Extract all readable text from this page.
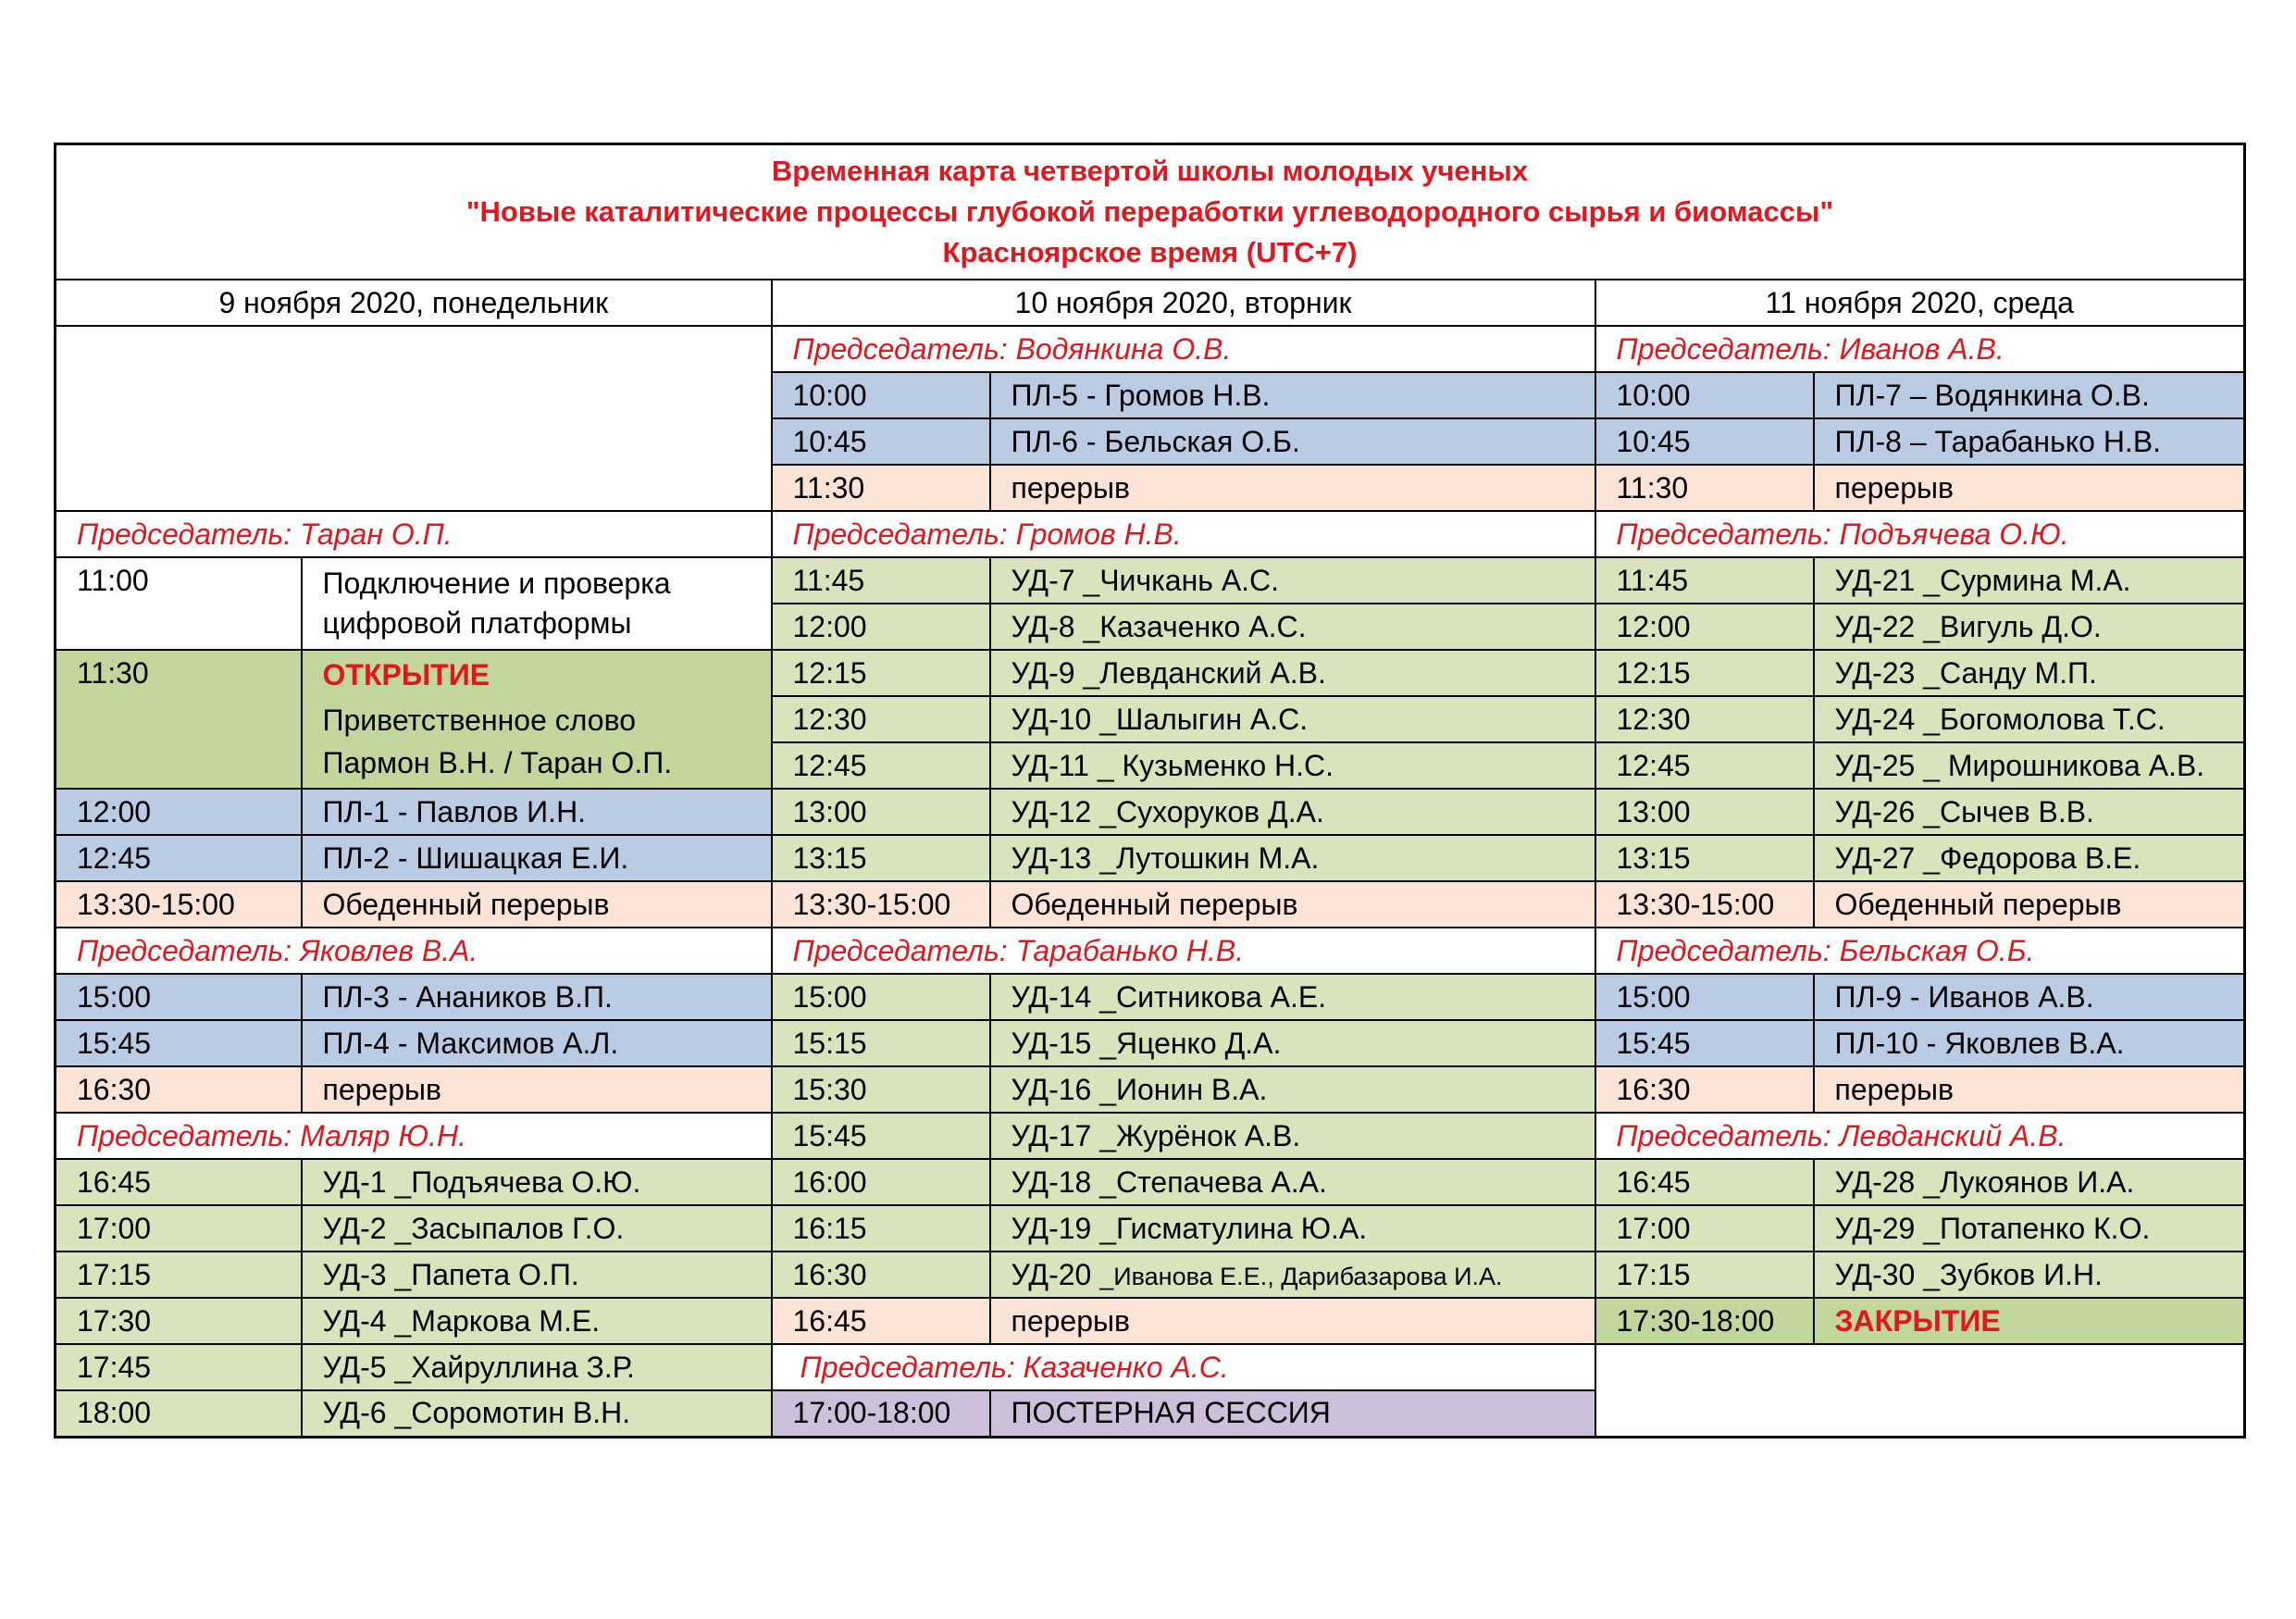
Временная карта четвертой школы молодых ученых
"Новые каталитические процессы глубокой переработки углеводородного сырья и биомассы"
Красноярское время (UTC+7)					

9 ноября 2020, понедельник		10 ноября 2020, вторник		11 ноября 2020, среда	
		Председатель: Водянкина О.В.		Председатель: Иванов А.В.	
		10:00	ПЛ-5 - Громов Н.В.	10:00	ПЛ-7 – Водянкина О.В.
		10:45	ПЛ-6 - Бельская О.Б.	10:45	ПЛ-8 – Тарабанько Н.В.
		11:30	перерыв	11:30	перерыв
Председатель: Таран О.П.		Председатель: Громов Н.В.		Председатель: Подъячева О.Ю.	
11:00	Подключение и проверка
цифровой платформы	11:45	УД-7 _Чичкань А.С.	11:45	УД-21 _Сурмина М.А.
		12:00	УД-8 _Казаченко А.С.	12:00	УД-22 _Вигуль Д.О.
11:30	ОТКРЫТИЕ
Приветственное слово
Пармон В.Н. / Таран О.П.	12:15	УД-9 _Левданский А.В.	12:15	УД-23 _Санду М.П.
		12:30	УД-10 _Шалыгин А.С.	12:30	УД-24 _Богомолова Т.С.
		12:45	УД-11 _ Кузьменко Н.С.	12:45	УД-25 _ Мирошникова А.В.
12:00	ПЛ-1 - Павлов И.Н.	13:00	УД-12 _Сухоруков Д.А.	13:00	УД-26 _Сычев В.В.
12:45	ПЛ-2 - Шишацкая Е.И.	13:15	УД-13 _Лутошкин М.А.	13:15	УД-27 _Федорова В.Е.
13:30-15:00	Обеденный перерыв	13:30-15:00	Обеденный перерыв	13:30-15:00	Обеденный перерыв
Председатель: Яковлев В.А.		Председатель: Тарабанько Н.В.		Председатель: Бельская О.Б.	
15:00	ПЛ-3 - Анаников В.П.	15:00	УД-14 _Ситникова А.Е.	15:00	ПЛ-9 - Иванов А.В.
15:45	ПЛ-4 - Максимов А.Л.	15:15	УД-15 _Яценко Д.А.	15:45	ПЛ-10 - Яковлев В.А.
16:30	перерыв	15:30	УД-16 _Ионин В.А.	16:30	перерыв
Председатель: Маляр Ю.Н.		15:45	УД-17 _Журёнок А.В.	Председатель: Левданский А.В.	
16:45	УД-1 _Подъячева О.Ю.	16:00	УД-18 _Степачева А.А.	16:45	УД-28 _Лукоянов И.А.
17:00	УД-2 _Засыпалов Г.О.	16:15	УД-19 _Гисматулина Ю.А.	17:00	УД-29 _Потапенко К.О.
17:15	УД-3 _Папета О.П.	16:30	УД-20 _Иванова Е.Е., Дарибазарова И.А.	17:15	УД-30 _Зубков И.Н.
17:30	УД-4 _Маркова М.Е.	16:45	перерыв	17:30-18:00	ЗАКРЫТИЕ
17:45	УД-5 _Хайруллина З.Р.	Председатель: Казаченко А.С.			
18:00	УД-6 _Соромотин В.Н.	17:00-18:00	ПОСТЕРНАЯ СЕССИЯ		
